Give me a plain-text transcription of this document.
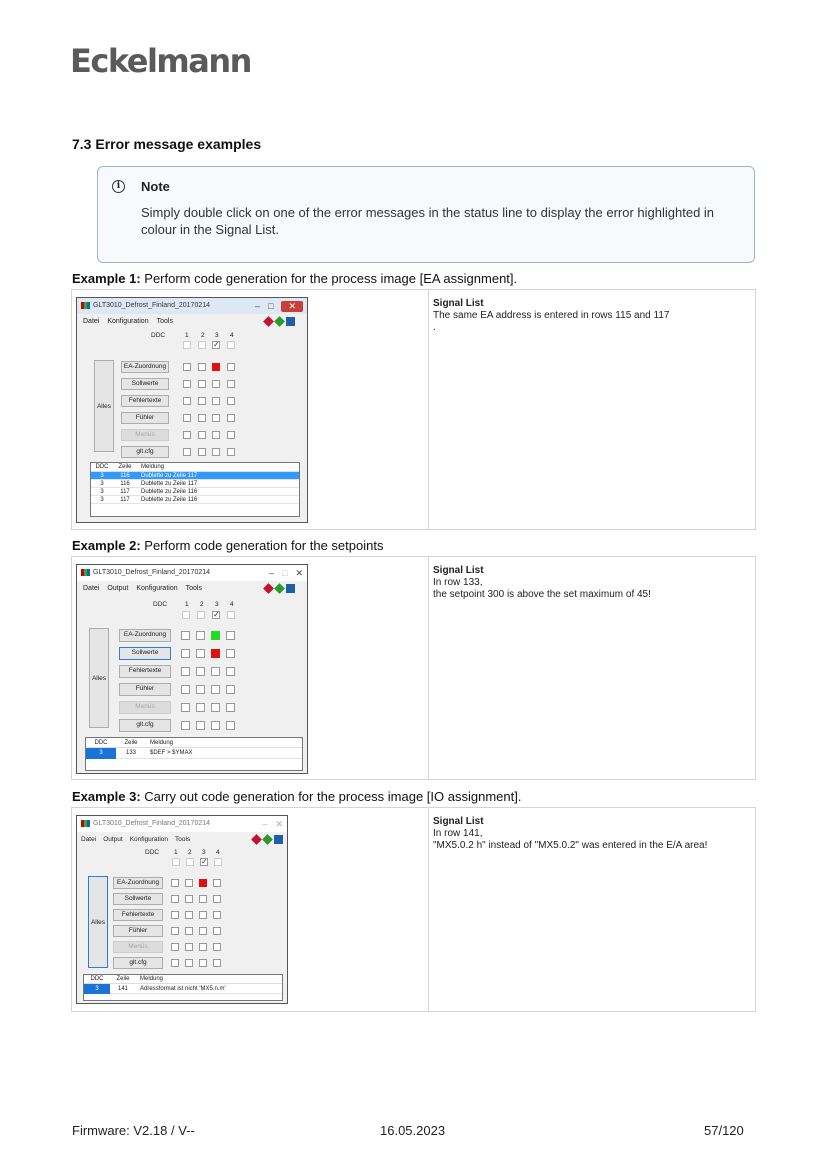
Eckelmann
7.3 Error message examples
i	Note
Simply double click on one of the error messages in the status line to display the error highlighted in colour in the Signal List.
Example 1: Perform code generation for the process image [EA assignment].
GLT3010_Defrost_Finland_20170214	– □	✕
Datei Konfiguration Tools
DDC	1 2 3 4
✓
Alles
EA-Zuordnung
Sollwerte
Fehlertexte
Fühler
Menüs
glt.cfg
DDC	Zeile	Meldung
3	116	Dublette zu Zeile 117
3	116	Dublette zu Zeile 117
3	117	Dublette zu Zeile 116
3	117	Dublette zu Zeile 116
Signal List
The same EA address is entered in rows 115 and 117
.
Example 2: Perform code generation for the setpoints
GLT3010_Defrost_Finland_20170214	– □ ✕
Datei Output Konfiguration Tools
DDC	1 2 3 4
✓
Alles
EA-Zuordnung
Sollwerte
Fehlertexte
Fühler
Menüs
glt.cfg
DDC	Zeile	Meldung
3	133	$DEF > $YMAX
Signal List
In row 133,
the setpoint 300 is above the set maximum of 45!
Example 3: Carry out code generation for the process image [IO assignment].
GLT3010_Defrost_Finland_20170214	– ✕
Datei Output Konfiguration Tools
DDC 1 2 3 4
✓
Alles
EA-Zuordnung
Sollwerte
Fehlertexte
Fühler
Menüs
glt.cfg
DDC	Zeile	Meldung
3	141	Adressformat ist nicht 'MX5.n.m'
Signal List
In row 141,
"MX5.0.2 h" instead of "MX5.0.2" was entered in the E/A area!
Firmware: V2.18 / V--	16.05.2023	57/120
